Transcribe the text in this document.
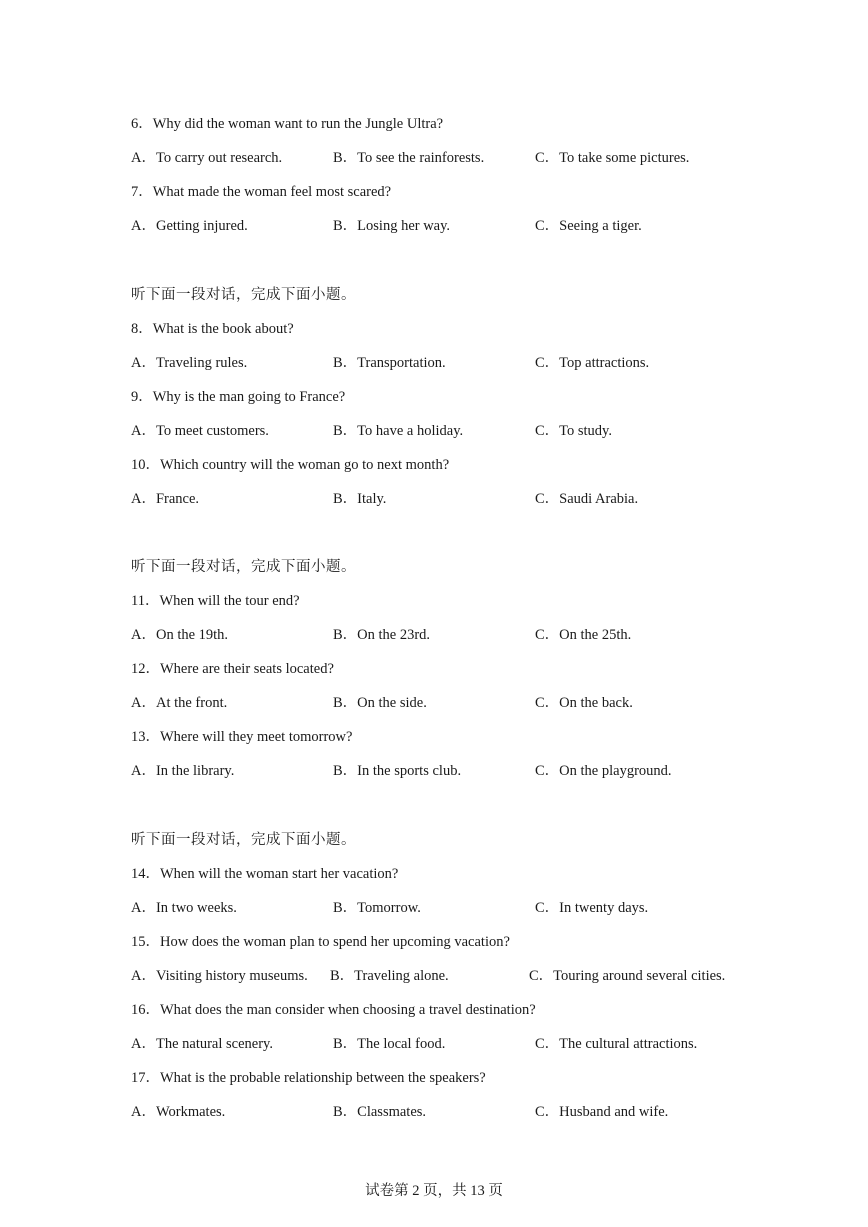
6．Why did the woman want to run the Jungle Ultra?
A．To carry out research.	B．To see the rainforests.	C．To take some pictures.
7．What made the woman feel most scared?
A．Getting injured.	B．Losing her way.	C．Seeing a tiger.
听下面一段对话，完成下面小题。
8．What is the book about?
A．Traveling rules.	B．Transportation.	C．Top attractions.
9．Why is the man going to France?
A．To meet customers.	B．To have a holiday.	C．To study.
10．Which country will the woman go to next month?
A．France.	B．Italy.	C．Saudi Arabia.
听下面一段对话，完成下面小题。
11．When will the tour end?
A．On the 19th.	B．On the 23rd.	C．On the 25th.
12．Where are their seats located?
A．At the front.	B．On the side.	C．On the back.
13．Where will they meet tomorrow?
A．In the library.	B．In the sports club.	C．On the playground.
听下面一段对话，完成下面小题。
14．When will the woman start her vacation?
A．In two weeks.	B．Tomorrow.	C．In twenty days.
15．How does the woman plan to spend her upcoming vacation?
A．Visiting history museums. B．Traveling alone.	C．Touring around several cities.
16．What does the man consider when choosing a travel destination?
A．The natural scenery.	B．The local food.	C．The cultural attractions.
17．What is the probable relationship between the speakers?
A．Workmates.	B．Classmates.	C．Husband and wife.
试卷第 2 页，共 13 页
